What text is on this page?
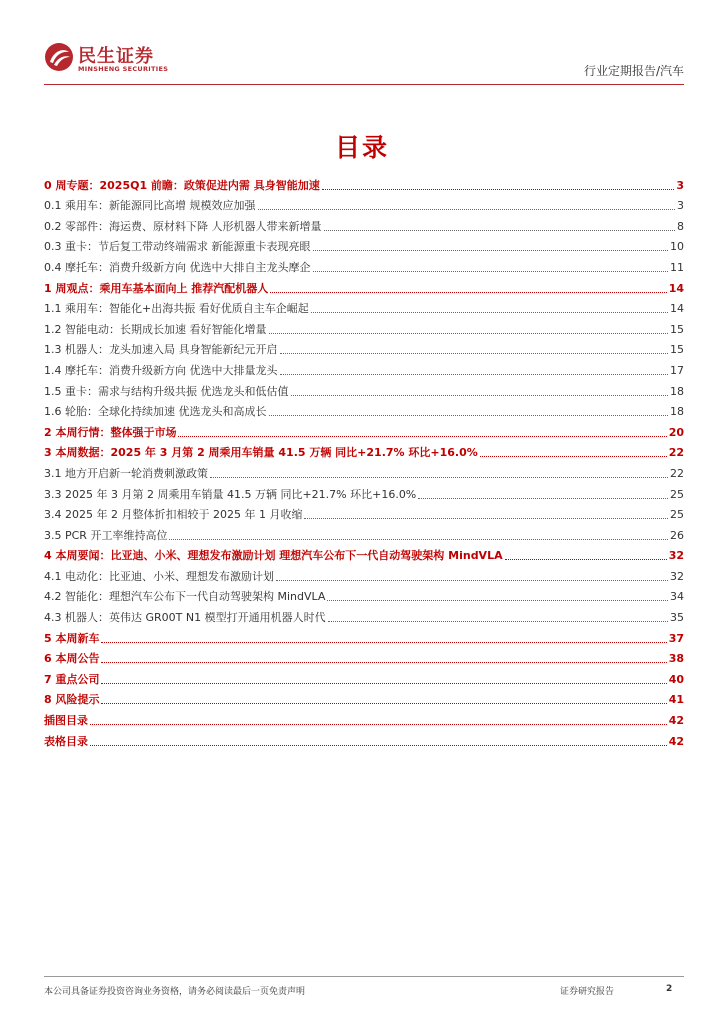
民生证券
MINSHENG SECURITIES	行业定期报告/汽车
目录
0 周专题：2025Q1 前瞻：政策促进内需 具身智能加速	3
0.1 乘用车：新能源同比高增 规模效应加强	3
0.2 零部件：海运费、原材料下降 人形机器人带来新增量	8
0.3 重卡：节后复工带动终端需求 新能源重卡表现亮眼	10
0.4 摩托车：消费升级新方向 优选中大排自主龙头摩企	11
1 周观点：乘用车基本面向上 推荐汽配机器人	14
1.1 乘用车：智能化+出海共振 看好优质自主车企崛起	14
1.2 智能电动：长期成长加速 看好智能化增量	15
1.3 机器人：龙头加速入局 具身智能新纪元开启	15
1.4 摩托车：消费升级新方向 优选中大排量龙头	17
1.5 重卡：需求与结构升级共振 优选龙头和低估值	18
1.6 轮胎：全球化持续加速 优选龙头和高成长	18
2 本周行情：整体强于市场	20
3 本周数据：2025 年 3 月第 2 周乘用车销量 41.5 万辆 同比+21.7% 环比+16.0%	22
3.1 地方开启新一轮消费刺激政策	22
3.3 2025 年 3 月第 2 周乘用车销量 41.5 万辆 同比+21.7% 环比+16.0%	25
3.4 2025 年 2 月整体折扣相较于 2025 年 1 月收缩	25
3.5 PCR 开工率维持高位	26
4 本周要闻：比亚迪、小米、理想发布激励计划 理想汽车公布下一代自动驾驶架构 MindVLA	32
4.1 电动化：比亚迪、小米、理想发布激励计划	32
4.2 智能化：理想汽车公布下一代自动驾驶架构 MindVLA	34
4.3 机器人：英伟达 GR00T N1 模型打开通用机器人时代	35
5 本周新车	37
6 本周公告	38
7 重点公司	40
8 风险提示	41
插图目录	42
表格目录	42
本公司具备证券投资咨询业务资格，请务必阅读最后一页免责声明	证券研究报告	2
